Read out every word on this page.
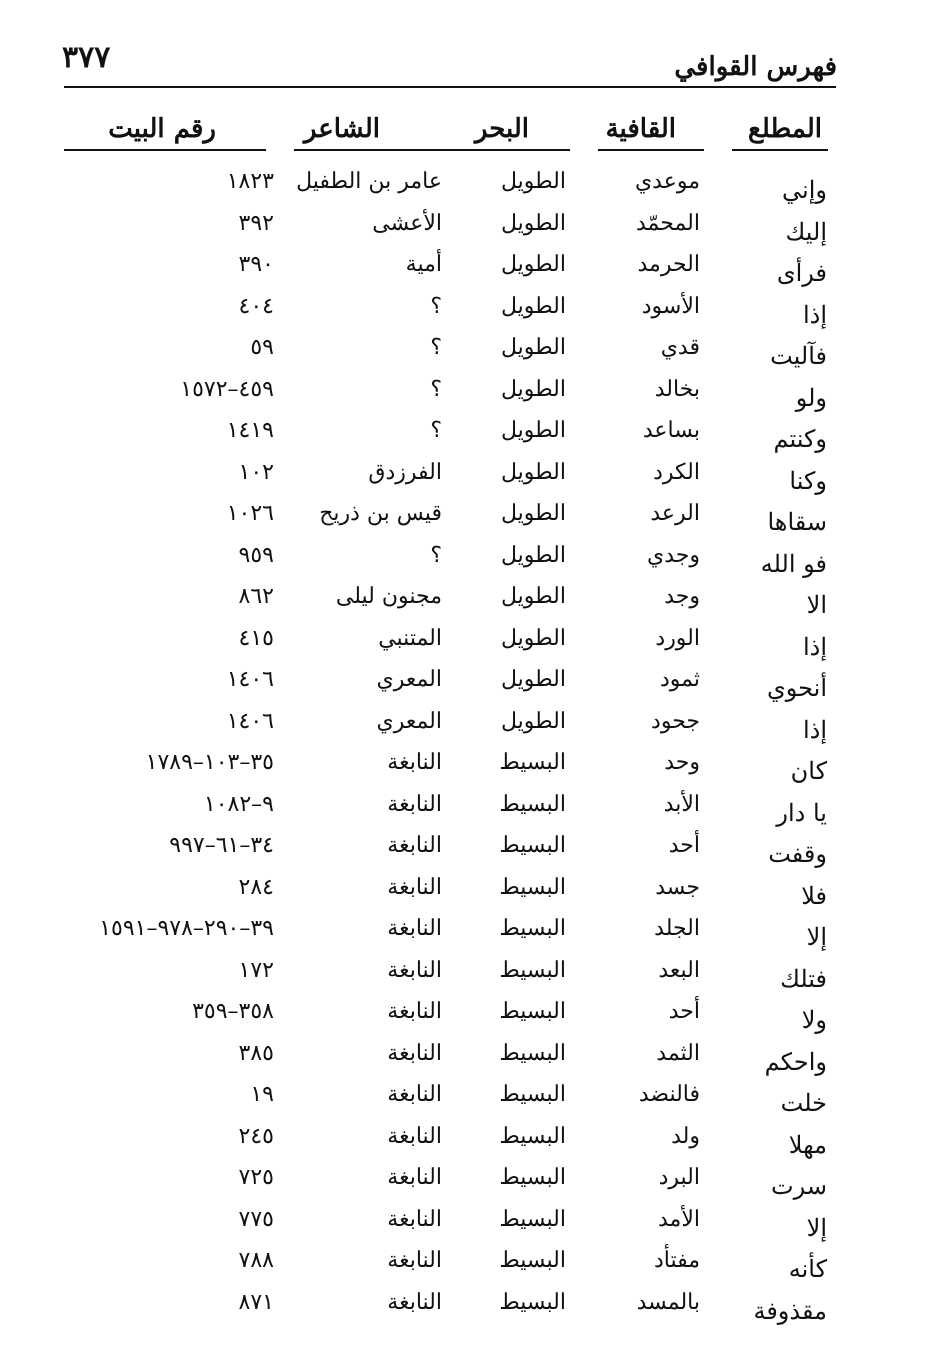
فهرس القوافي
٣٧٧
المطلع
القافية
البحر
الشاعر
رقم البيت
وإني
موعدي
الطويل
عامر بن الطفيل
١٨٢٣
إليك
المحمّد
الطويل
الأعشى
٣٩٢
فرأى
الحرمد
الطويل
أمية
٣٩٠
إذا
الأسود
الطويل
؟
٤٠٤
فآليت
قدي
الطويل
؟
٥٩
ولو
بخالد
الطويل
؟
٤٥٩–١٥٧٢
وكنتم
بساعد
الطويل
؟
١٤١٩
وكنا
الكرد
الطويل
الفرزدق
١٠٢
سقاها
الرعد
الطويل
قيس بن ذريح
١٠٢٦
فو الله
وجدي
الطويل
؟
٩٥٩
الا
وجد
الطويل
مجنون ليلى
٨٦٢
إذا
الورد
الطويل
المتنبي
٤١٥
أنحوي
ثمود
الطويل
المعري
١٤٠٦
إذا
جحود
الطويل
المعري
١٤٠٦
كان
وحد
البسيط
النابغة
٣٥–١٠٣–١٧٨٩
يا دار
الأبد
البسيط
النابغة
٩–١٠٨٢
وقفت
أحد
البسيط
النابغة
٣٤–٦١–٩٩٧
فلا
جسد
البسيط
النابغة
٢٨٤
إلا
الجلد
البسيط
النابغة
٣٩–٢٩٠–٩٧٨–١٥٩١
فتلك
البعد
البسيط
النابغة
١٧٢
ولا
أحد
البسيط
النابغة
٣٥٨–٣٥٩
واحكم
الثمد
البسيط
النابغة
٣٨٥
خلت
فالنضد
البسيط
النابغة
١٩
مهلا
ولد
البسيط
النابغة
٢٤٥
سرت
البرد
البسيط
النابغة
٧٢٥
إلا
الأمد
البسيط
النابغة
٧٧٥
كأنه
مفتأد
البسيط
النابغة
٧٨٨
مقذوفة
بالمسد
البسيط
النابغة
٨٧١
